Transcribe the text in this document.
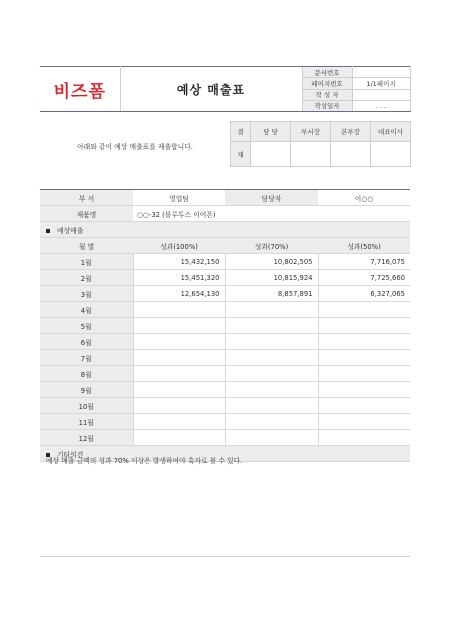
비즈폼	예상 매출표	문서번호	
		페이지번호	1/1페이지
		작 성 자	
		작성일자	. . .
아래와 같이 예상 매출표를 제출합니다.
결	담 당	부서장	본부장	대표이사
재				
부 서	영업팀	담당자	이○○
제품명	○○-32 (블루투스 이어폰)		
예상매출			
월 별	성과(100%)	성과(70%)	성과(50%)
1월	15,432,150	10,802,505	7,716,075
2월	15,451,320	10,815,924	7,725,660
3월	12,654,130	8,857,891	6,327,065
4월			
5월			
6월			
7월			
8월			
9월			
10월			
11월			
12월			
기타의견			
예상 매출 금액의 성과 70% 이상은 발생하여야 흑자로 볼 수 있다.
